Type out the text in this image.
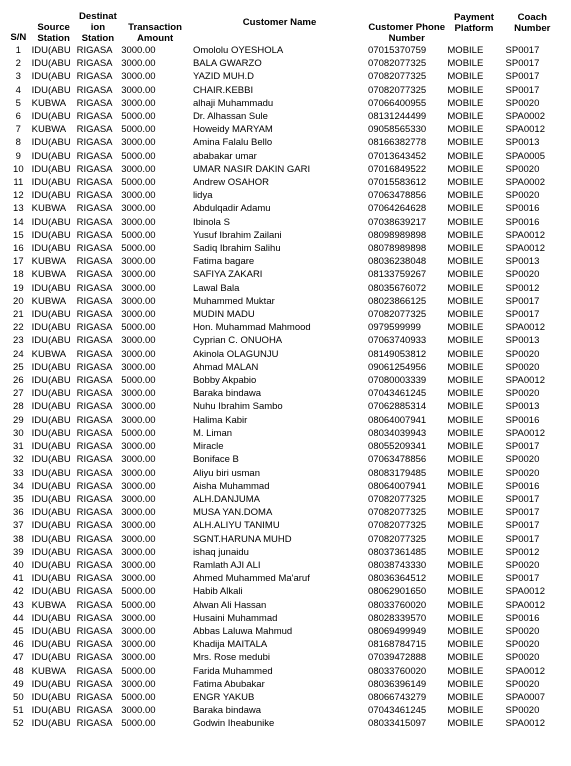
S/N	Source Station	Destinat ion Station	Transaction Amount	Customer Name	Customer Phone Number	Payment Platform	Coach Number
1	IDU(ABU	RIGASA	3000.00	Omololu OYESHOLA	07015370759	MOBILE	SP0017
2	IDU(ABU	RIGASA	3000.00	BALA GWARZO	07082077325	MOBILE	SP0017
3	IDU(ABU	RIGASA	3000.00	YAZID MUH.D	07082077325	MOBILE	SP0017
4	IDU(ABU	RIGASA	3000.00	CHAIR.KEBBI	07082077325	MOBILE	SP0017
5	KUBWA	RIGASA	3000.00	alhaji Muhammadu	07066400955	MOBILE	SP0020
6	IDU(ABU	RIGASA	5000.00	Dr. Alhassan Sule	08131244499	MOBILE	SPA0002
7	KUBWA	RIGASA	5000.00	Howeidy MARYAM	09058565330	MOBILE	SPA0012
8	IDU(ABU	RIGASA	3000.00	Amina Falalu Bello	08166382778	MOBILE	SP0013
9	IDU(ABU	RIGASA	5000.00	ababakar umar	07013643452	MOBILE	SPA0005
10	IDU(ABU	RIGASA	3000.00	UMAR NASIR DAKIN GARI	07016849522	MOBILE	SP0020
11	IDU(ABU	RIGASA	5000.00	Andrew OSAHOR	07015583612	MOBILE	SPA0002
12	IDU(ABU	RIGASA	3000.00	lidya	07063478856	MOBILE	SP0020
13	KUBWA	RIGASA	3000.00	Abdulqadir Adamu	07064264628	MOBILE	SP0016
14	IDU(ABU	RIGASA	3000.00	Ibinola S	07038639217	MOBILE	SP0016
15	IDU(ABU	RIGASA	5000.00	Yusuf Ibrahim Zailani	08098989898	MOBILE	SPA0012
16	IDU(ABU	RIGASA	5000.00	Sadiq Ibrahim Salihu	08078989898	MOBILE	SPA0012
17	KUBWA	RIGASA	3000.00	Fatima bagare	08036238048	MOBILE	SP0013
18	KUBWA	RIGASA	3000.00	SAFIYA ZAKARI	08133759267	MOBILE	SP0020
19	IDU(ABU	RIGASA	3000.00	Lawal Bala	08035676072	MOBILE	SP0012
20	KUBWA	RIGASA	3000.00	Muhammed Muktar	08023866125	MOBILE	SP0017
21	IDU(ABU	RIGASA	3000.00	MUDIN MADU	07082077325	MOBILE	SP0017
22	IDU(ABU	RIGASA	5000.00	Hon. Muhammad Mahmood	0979599999	MOBILE	SPA0012
23	IDU(ABU	RIGASA	3000.00	Cyprian C. ONUOHA	07063740933	MOBILE	SP0013
24	KUBWA	RIGASA	3000.00	Akinola OLAGUNJU	08149053812	MOBILE	SP0020
25	IDU(ABU	RIGASA	3000.00	Ahmad MALAN	09061254956	MOBILE	SP0020
26	IDU(ABU	RIGASA	5000.00	Bobby Akpabio	07080003339	MOBILE	SPA0012
27	IDU(ABU	RIGASA	3000.00	Baraka bindawa	07043461245	MOBILE	SP0020
28	IDU(ABU	RIGASA	3000.00	Nuhu Ibrahim Sambo	07062885314	MOBILE	SP0013
29	IDU(ABU	RIGASA	3000.00	Halima Kabir	08064007941	MOBILE	SP0016
30	IDU(ABU	RIGASA	5000.00	M. Liman	08034039943	MOBILE	SPA0012
31	IDU(ABU	RIGASA	3000.00	Miracle	08055209341	MOBILE	SP0017
32	IDU(ABU	RIGASA	3000.00	Boniface B	07063478856	MOBILE	SP0020
33	IDU(ABU	RIGASA	3000.00	Aliyu biri usman	08083179485	MOBILE	SP0020
34	IDU(ABU	RIGASA	3000.00	Aisha Muhammad	08064007941	MOBILE	SP0016
35	IDU(ABU	RIGASA	3000.00	ALH.DANJUMA	07082077325	MOBILE	SP0017
36	IDU(ABU	RIGASA	3000.00	MUSA YAN.DOMA	07082077325	MOBILE	SP0017
37	IDU(ABU	RIGASA	3000.00	ALH.ALIYU TANIMU	07082077325	MOBILE	SP0017
38	IDU(ABU	RIGASA	3000.00	SGNT.HARUNA MUHD	07082077325	MOBILE	SP0017
39	IDU(ABU	RIGASA	3000.00	ishaq junaidu	08037361485	MOBILE	SP0012
40	IDU(ABU	RIGASA	3000.00	Ramlath AJI ALI	08038743330	MOBILE	SP0020
41	IDU(ABU	RIGASA	3000.00	Ahmed Muhammed Ma'aruf	08036364512	MOBILE	SP0017
42	IDU(ABU	RIGASA	5000.00	Habib Alkali	08062901650	MOBILE	SPA0012
43	KUBWA	RIGASA	5000.00	Alwan Ali Hassan	08033760020	MOBILE	SPA0012
44	IDU(ABU	RIGASA	3000.00	Husaini Muhammad	08028339570	MOBILE	SP0016
45	IDU(ABU	RIGASA	3000.00	Abbas Laluwa Mahmud	08069499949	MOBILE	SP0020
46	IDU(ABU	RIGASA	3000.00	Khadija MAITALA	08168784715	MOBILE	SP0020
47	IDU(ABU	RIGASA	3000.00	Mrs. Rose medubi	07039472888	MOBILE	SP0020
48	KUBWA	RIGASA	5000.00	Farida Muhammed	08033760020	MOBILE	SPA0012
49	IDU(ABU	RIGASA	3000.00	Fatima Abubakar	08036396149	MOBILE	SP0020
50	IDU(ABU	RIGASA	5000.00	ENGR YAKUB	08066743279	MOBILE	SPA0007
51	IDU(ABU	RIGASA	3000.00	Baraka bindawa	07043461245	MOBILE	SP0020
52	IDU(ABU	RIGASA	5000.00	Godwin Iheabunike	08033415097	MOBILE	SPA0012
